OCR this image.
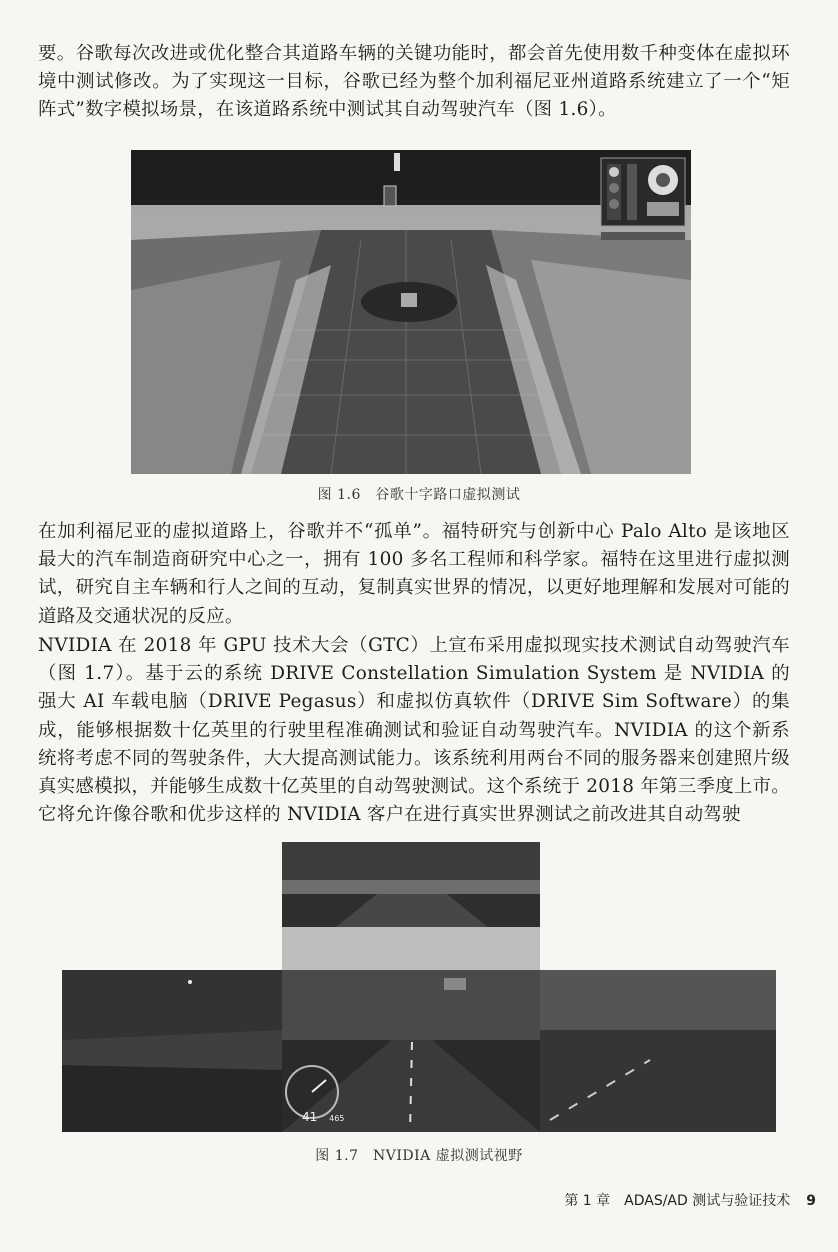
要。谷歌每次改进或优化整合其道路车辆的关键功能时，都会首先使用数千种变体在虚拟环境中测试修改。为了实现这一目标，谷歌已经为整个加利福尼亚州道路系统建立了一个“矩阵式”数字模拟场景，在该道路系统中测试其自动驾驶汽车（图 1.6）。

图 1.6　谷歌十字路口虚拟测试

在加利福尼亚的虚拟道路上，谷歌并不“孤单”。福特研究与创新中心 Palo Alto 是该地区最大的汽车制造商研究中心之一，拥有 100 多名工程师和科学家。福特在这里进行虚拟测试，研究自主车辆和行人之间的互动，复制真实世界的情况，以更好地理解和发展对可能的道路及交通状况的反应。

NVIDIA 在 2018 年 GPU 技术大会（GTC）上宣布采用虚拟现实技术测试自动驾驶汽车（图 1.7）。基于云的系统 DRIVE Constellation Simulation System 是 NVIDIA 的强大 AI 车载电脑（DRIVE Pegasus）和虚拟仿真软件（DRIVE Sim Software）的集成，能够根据数十亿英里的行驶里程准确测试和验证自动驾驶汽车。NVIDIA 的这个新系统将考虑不同的驾驶条件，大大提高测试能力。该系统利用两台不同的服务器来创建照片级真实感模拟，并能够生成数十亿英里的自动驾驶测试。这个系统于 2018 年第三季度上市。它将允许像谷歌和优步这样的 NVIDIA 客户在进行真实世界测试之前改进其自动驾驶

41 465
图 1.7　NVIDIA 虚拟测试视野
第 1 章　ADAS/AD 测试与验证技术 9
